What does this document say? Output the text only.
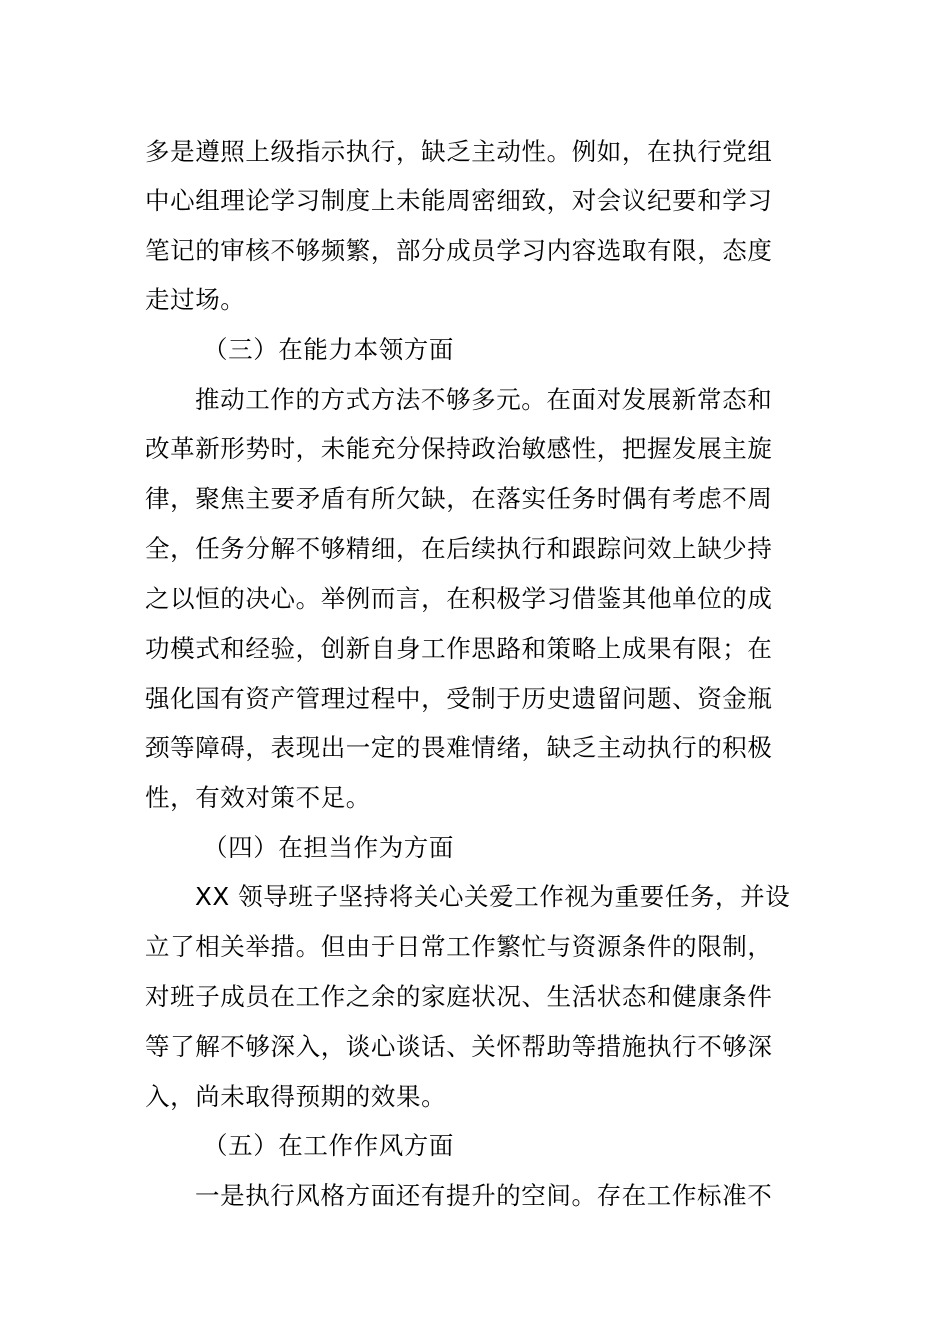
多是遵照上级指示执行，缺乏主动性。例如，在执行党组
中心组理论学习制度上未能周密细致，对会议纪要和学习
笔记的审核不够频繁，部分成员学习内容选取有限，态度
走过场。
（三）在能力本领方面
推动工作的方式方法不够多元。在面对发展新常态和
改革新形势时，未能充分保持政治敏感性，把握发展主旋
律，聚焦主要矛盾有所欠缺，在落实任务时偶有考虑不周
全，任务分解不够精细，在后续执行和跟踪问效上缺少持
之以恒的决心。举例而言，在积极学习借鉴其他单位的成
功模式和经验，创新自身工作思路和策略上成果有限；在
强化国有资产管理过程中，受制于历史遗留问题、资金瓶
颈等障碍，表现出一定的畏难情绪，缺乏主动执行的积极
性，有效对策不足。
（四）在担当作为方面
XX 领导班子坚持将关心关爱工作视为重要任务，并设
立了相关举措。但由于日常工作繁忙与资源条件的限制，
对班子成员在工作之余的家庭状况、生活状态和健康条件
等了解不够深入，谈心谈话、关怀帮助等措施执行不够深
入，尚未取得预期的效果。
（五）在工作作风方面
一是执行风格方面还有提升的空间。存在工作标准不
